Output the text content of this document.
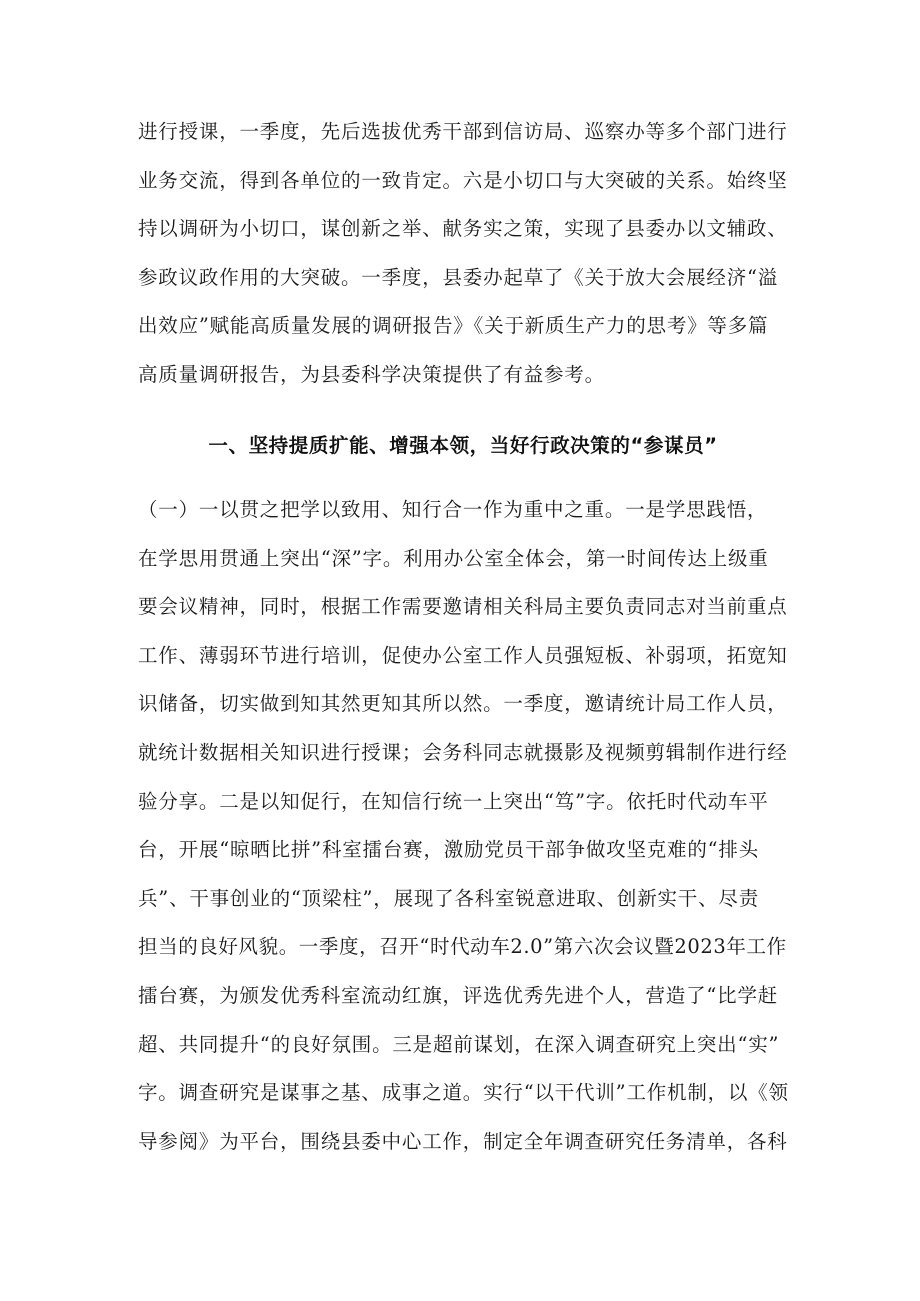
进行授课，一季度，先后选拔优秀干部到信访局、巡察办等多个部门进行
业务交流，得到各单位的一致肯定。六是小切口与大突破的关系。始终坚
持以调研为小切口，谋创新之举、献务实之策，实现了县委办以文辅政、
参政议政作用的大突破。一季度，县委办起草了《关于放大会展经济“溢
出效应”赋能高质量发展的调研报告》《关于新质生产力的思考》等多篇
高质量调研报告，为县委科学决策提供了有益参考。
一、坚持提质扩能、增强本领，当好行政决策的“参谋员”
（一）一以贯之把学以致用、知行合一作为重中之重。一是学思践悟，
在学思用贯通上突出“深”字。利用办公室全体会，第一时间传达上级重
要会议精神，同时，根据工作需要邀请相关科局主要负责同志对当前重点
工作、薄弱环节进行培训，促使办公室工作人员强短板、补弱项，拓宽知
识储备，切实做到知其然更知其所以然。一季度，邀请统计局工作人员，
就统计数据相关知识进行授课；会务科同志就摄影及视频剪辑制作进行经
验分享。二是以知促行，在知信行统一上突出“笃”字。依托时代动车平
台，开展“晾晒比拼”科室擂台赛，激励党员干部争做攻坚克难的“排头
兵”、干事创业的“顶梁柱”，展现了各科室锐意进取、创新实干、尽责
担当的良好风貌。一季度，召开“时代动车2.0”第六次会议暨2023年工作
擂台赛，为颁发优秀科室流动红旗，评选优秀先进个人，营造了“比学赶
超、共同提升“的良好氛围。三是超前谋划，在深入调查研究上突出“实”
字。调查研究是谋事之基、成事之道。实行“以干代训”工作机制，以《领
导参阅》为平台，围绕县委中心工作，制定全年调查研究任务清单，各科
